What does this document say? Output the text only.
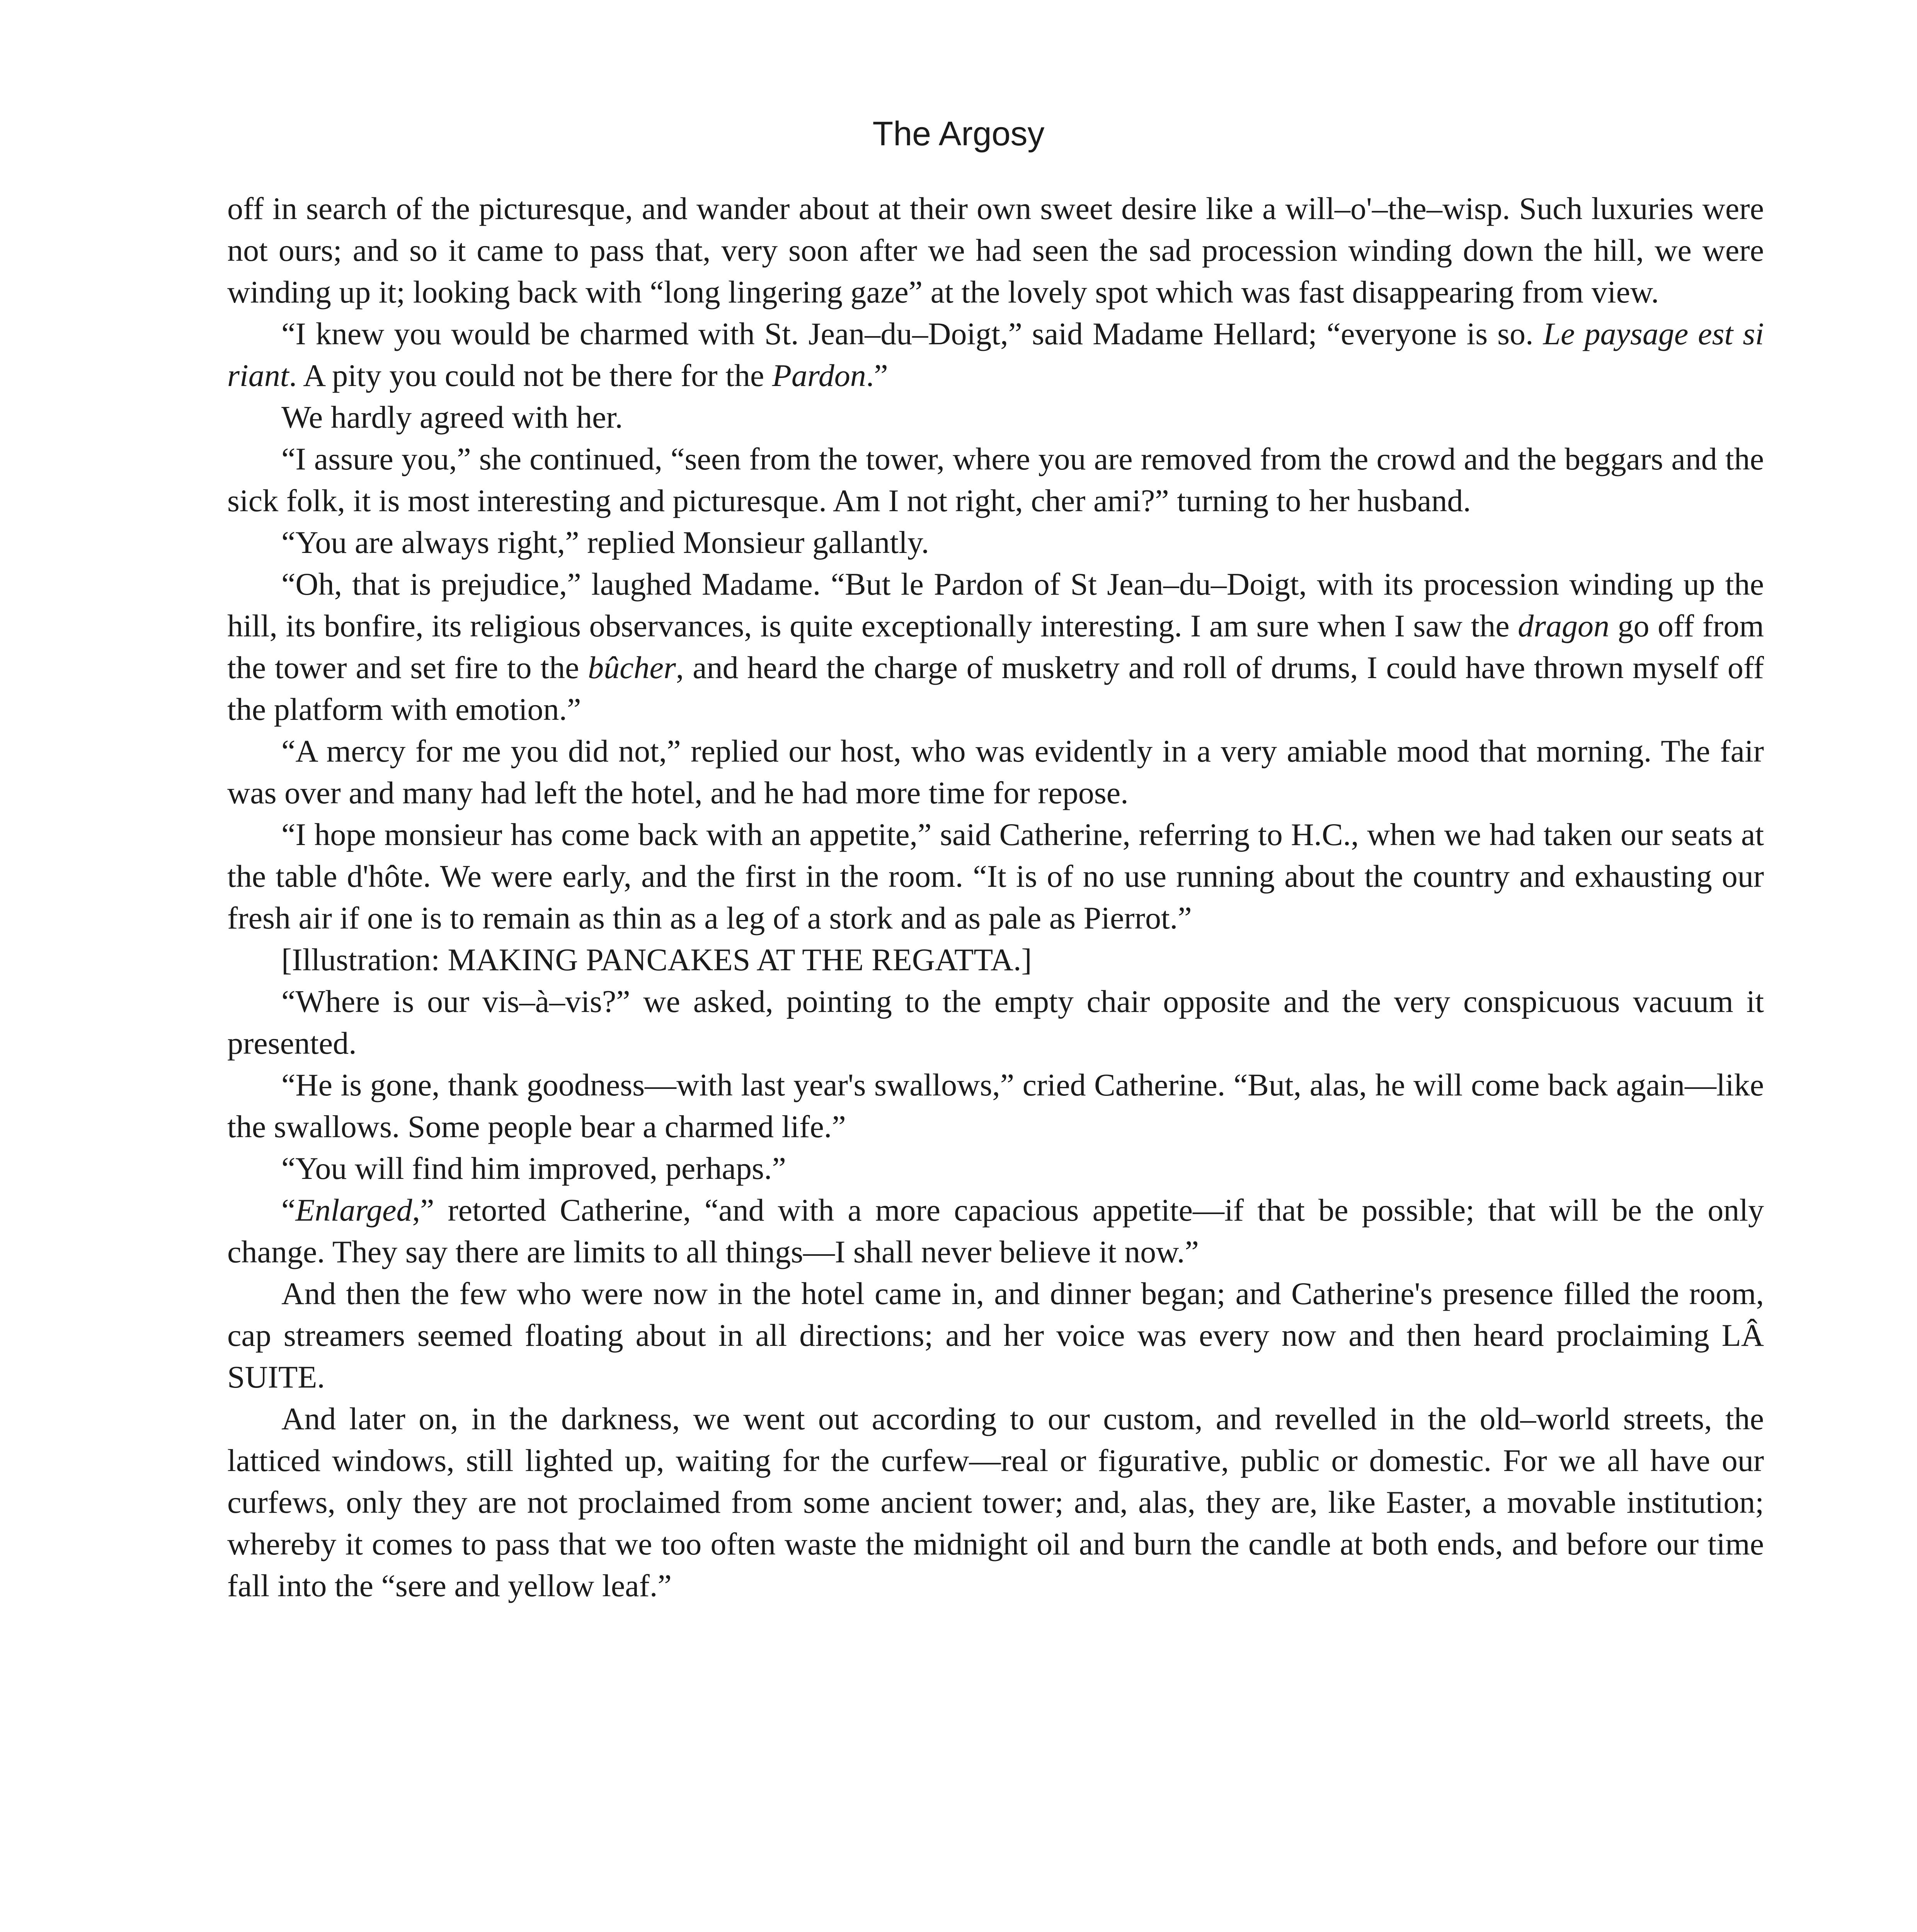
The Argosy

off in search of the picturesque, and wander about at their own sweet desire like a will–o'–the–wisp. Such luxuries were not ours; and so it came to pass that, very soon after we had seen the sad procession winding down the hill, we were winding up it; looking back with “long lingering gaze” at the lovely spot which was fast disappearing from view.

“I knew you would be charmed with St. Jean–du–Doigt,” said Madame Hellard; “everyone is so. Le paysage est si riant. A pity you could not be there for the Pardon.”

We hardly agreed with her.

“I assure you,” she continued, “seen from the tower, where you are removed from the crowd and the beggars and the sick folk, it is most interesting and picturesque. Am I not right, cher ami?” turning to her husband.

“You are always right,” replied Monsieur gallantly.

“Oh, that is prejudice,” laughed Madame. “But le Pardon of St Jean–du–Doigt, with its procession winding up the hill, its bonfire, its religious observances, is quite exceptionally interesting. I am sure when I saw the dragon go off from the tower and set fire to the bûcher, and heard the charge of musketry and roll of drums, I could have thrown myself off the platform with emotion.”

“A mercy for me you did not,” replied our host, who was evidently in a very amiable mood that morning. The fair was over and many had left the hotel, and he had more time for repose.

“I hope monsieur has come back with an appetite,” said Catherine, referring to H.C., when we had taken our seats at the table d'hôte. We were early, and the first in the room. “It is of no use running about the country and exhausting our fresh air if one is to remain as thin as a leg of a stork and as pale as Pierrot.”

[Illustration: MAKING PANCAKES AT THE REGATTA.]

“Where is our vis–à–vis?” we asked, pointing to the empty chair opposite and the very conspicuous vacuum it presented.

“He is gone, thank goodness—with last year's swallows,” cried Catherine. “But, alas, he will come back again—like the swallows. Some people bear a charmed life.”

“You will find him improved, perhaps.”

“Enlarged,” retorted Catherine, “and with a more capacious appetite—if that be possible; that will be the only change. They say there are limits to all things—I shall never believe it now.”

And then the few who were now in the hotel came in, and dinner began; and Catherine's presence filled the room, cap streamers seemed floating about in all directions; and her voice was every now and then heard proclaiming LÂ SUITE.

And later on, in the darkness, we went out according to our custom, and revelled in the old–world streets, the latticed windows, still lighted up, waiting for the curfew—real or figurative, public or domestic. For we all have our curfews, only they are not proclaimed from some ancient tower; and, alas, they are, like Easter, a movable institution; whereby it comes to pass that we too often waste the midnight oil and burn the candle at both ends, and before our time fall into the “sere and yellow leaf.”
